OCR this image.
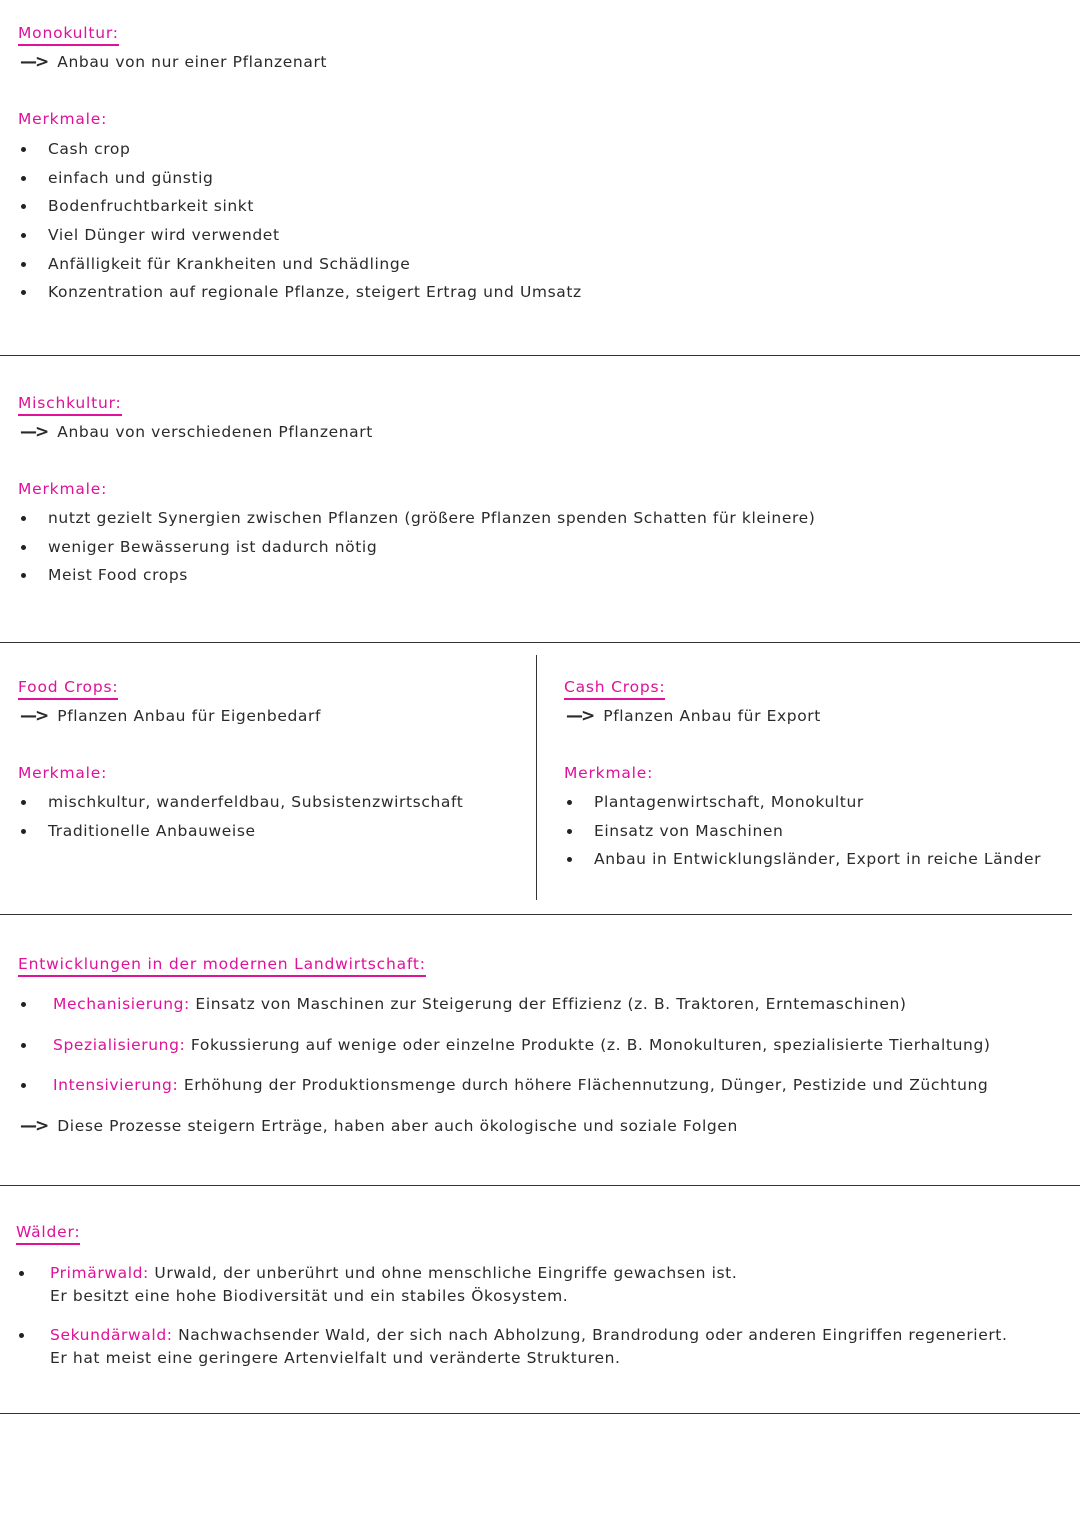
Monokultur:
—> Anbau von nur einer Pflanzenart
Merkmale:
Cash crop
einfach und günstig
Bodenfruchtbarkeit sinkt
Viel Dünger wird verwendet
Anfälligkeit für Krankheiten und Schädlinge
Konzentration auf regionale Pflanze, steigert Ertrag und Umsatz
Mischkultur:
—> Anbau von verschiedenen Pflanzenart
Merkmale:
nutzt gezielt Synergien zwischen Pflanzen (größere Pflanzen spenden Schatten für kleinere)
weniger Bewässerung ist dadurch nötig
Meist Food crops
Food Crops:
—> Pflanzen Anbau für Eigenbedarf
Merkmale:
mischkultur, wanderfeldbau, Subsistenzwirtschaft
Traditionelle Anbauweise
Cash Crops:
—> Pflanzen Anbau für Export
Merkmale:
Plantagenwirtschaft, Monokultur
Einsatz von Maschinen
Anbau in Entwicklungsländer, Export in reiche Länder
Entwicklungen in der modernen Landwirtschaft:
Mechanisierung: Einsatz von Maschinen zur Steigerung der Effizienz (z. B. Traktoren, Erntemaschinen)
Spezialisierung: Fokussierung auf wenige oder einzelne Produkte (z. B. Monokulturen, spezialisierte Tierhaltung)
Intensivierung: Erhöhung der Produktionsmenge durch höhere Flächennutzung, Dünger, Pestizide und Züchtung
—> Diese Prozesse steigern Erträge, haben aber auch ökologische und soziale Folgen
Wälder:
Primärwald: Urwald, der unberührt und ohne menschliche Eingriffe gewachsen ist.
Er besitzt eine hohe Biodiversität und ein stabiles Ökosystem.
Sekundärwald: Nachwachsender Wald, der sich nach Abholzung, Brandrodung oder anderen Eingriffen regeneriert.
Er hat meist eine geringere Artenvielfalt und veränderte Strukturen.
